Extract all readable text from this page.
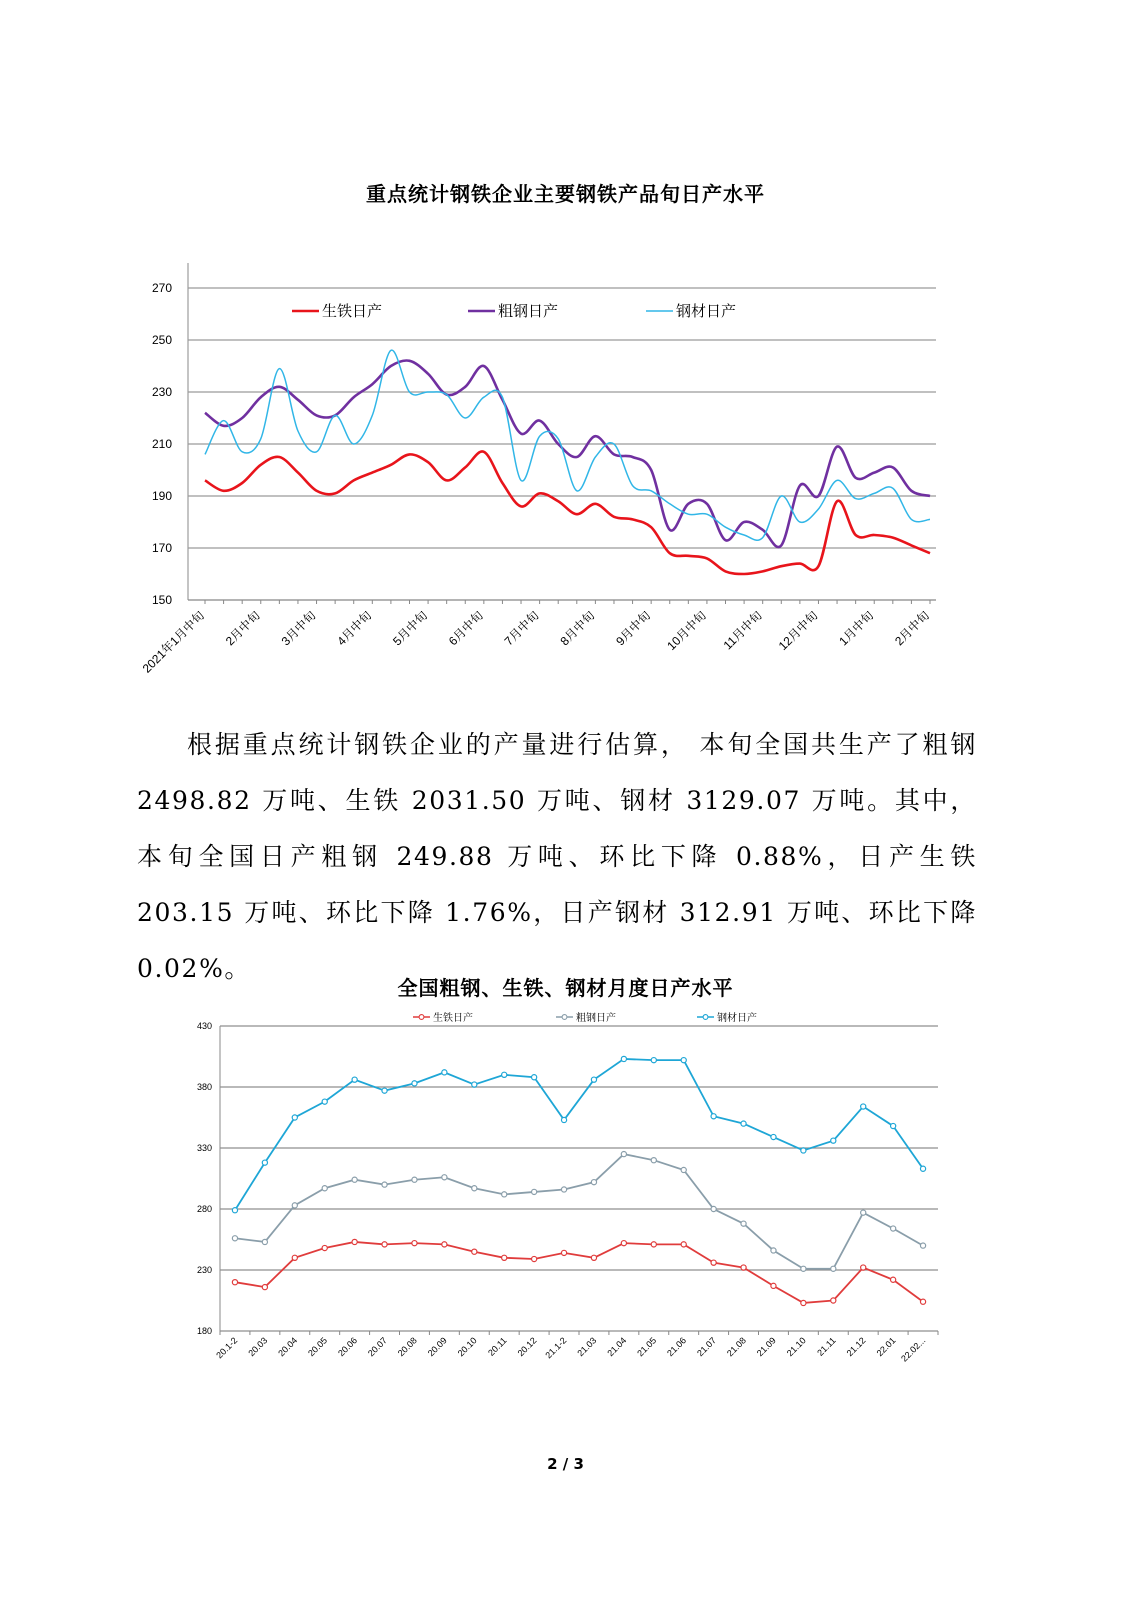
重点统计钢铁企业主要钢铁产品旬日产水平
150
170
190
210
230
250
270
2021年1月中旬 2月中旬 3月中旬 4月中旬 5月中旬 6月中旬 7月中旬 8月中旬 9月中旬 10月中旬 11月中旬 12月中旬 1月中旬 2月中旬
生铁日产	粗钢日产	钢材日产

根据重点统计钢铁企业的产量进行估算， 本旬全国共生产了粗钢 2498.82 万吨、生铁 2031.50 万吨、钢材 3129.07 万吨。其中，本旬全国日产粗钢 249.88 万吨、环比下降 0.88%，日产生铁 203.15 万吨、环比下降 1.76%，日产钢材 312.91 万吨、环比下降 0.02%。

全国粗钢、生铁、钢材月度日产水平
180
230
280
330
380
430
20.1-2 20.03 20.04 20.05 20.06 20.07 20.08 20.09 20.10 20.11 20.12 21.1-2 21.03 21.04 21.05 21.06 21.07 21.08 21.09 21.10 21.11 21.12 22.01 22.02...
生铁日产	粗钢日产	钢材日产
2 / 3
